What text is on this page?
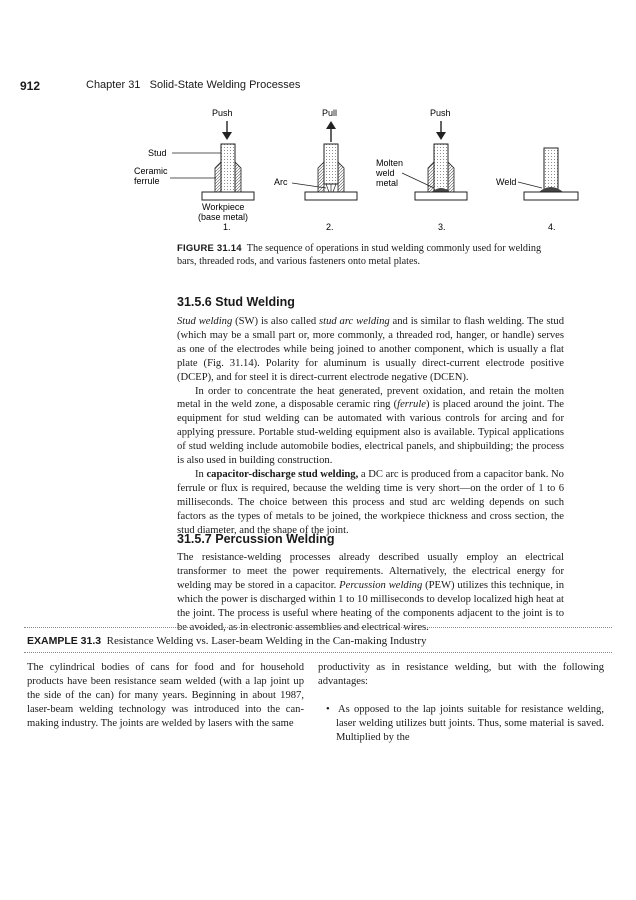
912	Chapter 31 Solid-State Welding Processes
Push
Stud
Ceramic
ferrule
Workpiece
(base metal)
1.
Pull
Arc
2.
Push
Molten
weld
metal
3.
Weld
4.
FIGURE 31.14 The sequence of operations in stud welding commonly used for welding bars, threaded rods, and various fasteners onto metal plates.
31.5.6 Stud Welding

Stud welding (SW) is also called stud arc welding and is similar to flash welding. The stud (which may be a small part or, more commonly, a threaded rod, hanger, or handle) serves as one of the electrodes while being joined to another component, which is usually a flat plate (Fig. 31.14). Polarity for aluminum is usually direct-current electrode positive (DCEP), and for steel it is direct-current electrode negative (DCEN).

In order to concentrate the heat generated, prevent oxidation, and retain the molten metal in the weld zone, a disposable ceramic ring (ferrule) is placed around the joint. The equipment for stud welding can be automated with various controls for arcing and for applying pressure. Portable stud-welding equipment also is available. Typical applications of stud welding include automobile bodies, electrical panels, and shipbuilding; the process is also used in building construction.

In capacitor-discharge stud welding, a DC arc is produced from a capacitor bank. No ferrule or flux is required, because the welding time is very short—on the order of 1 to 6 milliseconds. The choice between this process and stud arc welding depends on such factors as the types of metals to be joined, the workpiece thickness and cross section, the stud diameter, and the shape of the joint.

31.5.7 Percussion Welding

The resistance-welding processes already described usually employ an electrical transformer to meet the power requirements. Alternatively, the electrical energy for welding may be stored in a capacitor. Percussion welding (PEW) utilizes this technique, in which the power is discharged within 1 to 10 milliseconds to develop localized high heat at the joint. The process is useful where heating of the components adjacent to the joint is to be avoided, as in electronic assemblies and electrical wires.

EXAMPLE 31.3 Resistance Welding vs. Laser-beam Welding in the Can-making Industry

The cylindrical bodies of cans for food and for household products have been resistance seam welded (with a lap joint up the side of the can) for many years. Beginning in about 1987, laser-beam welding technology was introduced into the can-making industry. The joints are welded by lasers with the same

productivity as in resistance welding, but with the following advantages:

• As opposed to the lap joints suitable for resistance welding, laser welding utilizes butt joints. Thus, some material is saved. Multiplied by the
